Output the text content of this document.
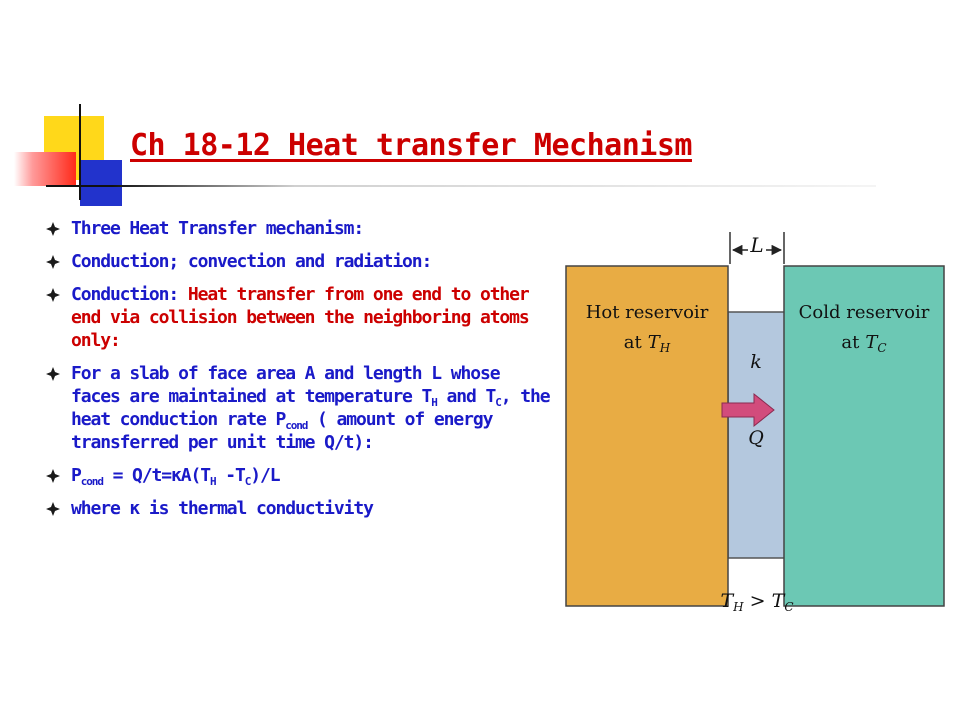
Ch 18-12 Heat transfer Mechanism
Three Heat Transfer mechanism:
Conduction; convection and radiation:
Conduction: Heat transfer from one end to other end via collision between the neighboring atoms only:
For a slab of face area A and length L whose faces are maintained at temperature $T_H$ and $T_C$, the heat conduction rate $P_{cond}$ ( amount of energy transferred per unit time Q/t):
$P_{cond} = Q/t=\kappa A(T_H$ $-T_C)/L$
where κ is thermal conductivity
L
Hot reservoir
at $T_H$
Cold reservoir
at $T_C$
k
Q
$T_H > T_C$
